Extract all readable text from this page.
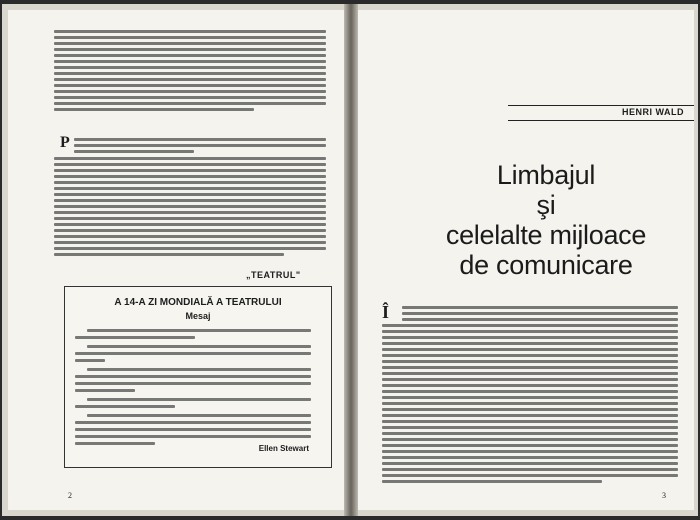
P
„TEATRUL"
A 14-A ZI MONDIALĂ A TEATRULUI
Mesaj
Ellen Stewart
2
HENRI WALD
Limbajul
şi
celelalte mijloace
de comunicare
Î
3
